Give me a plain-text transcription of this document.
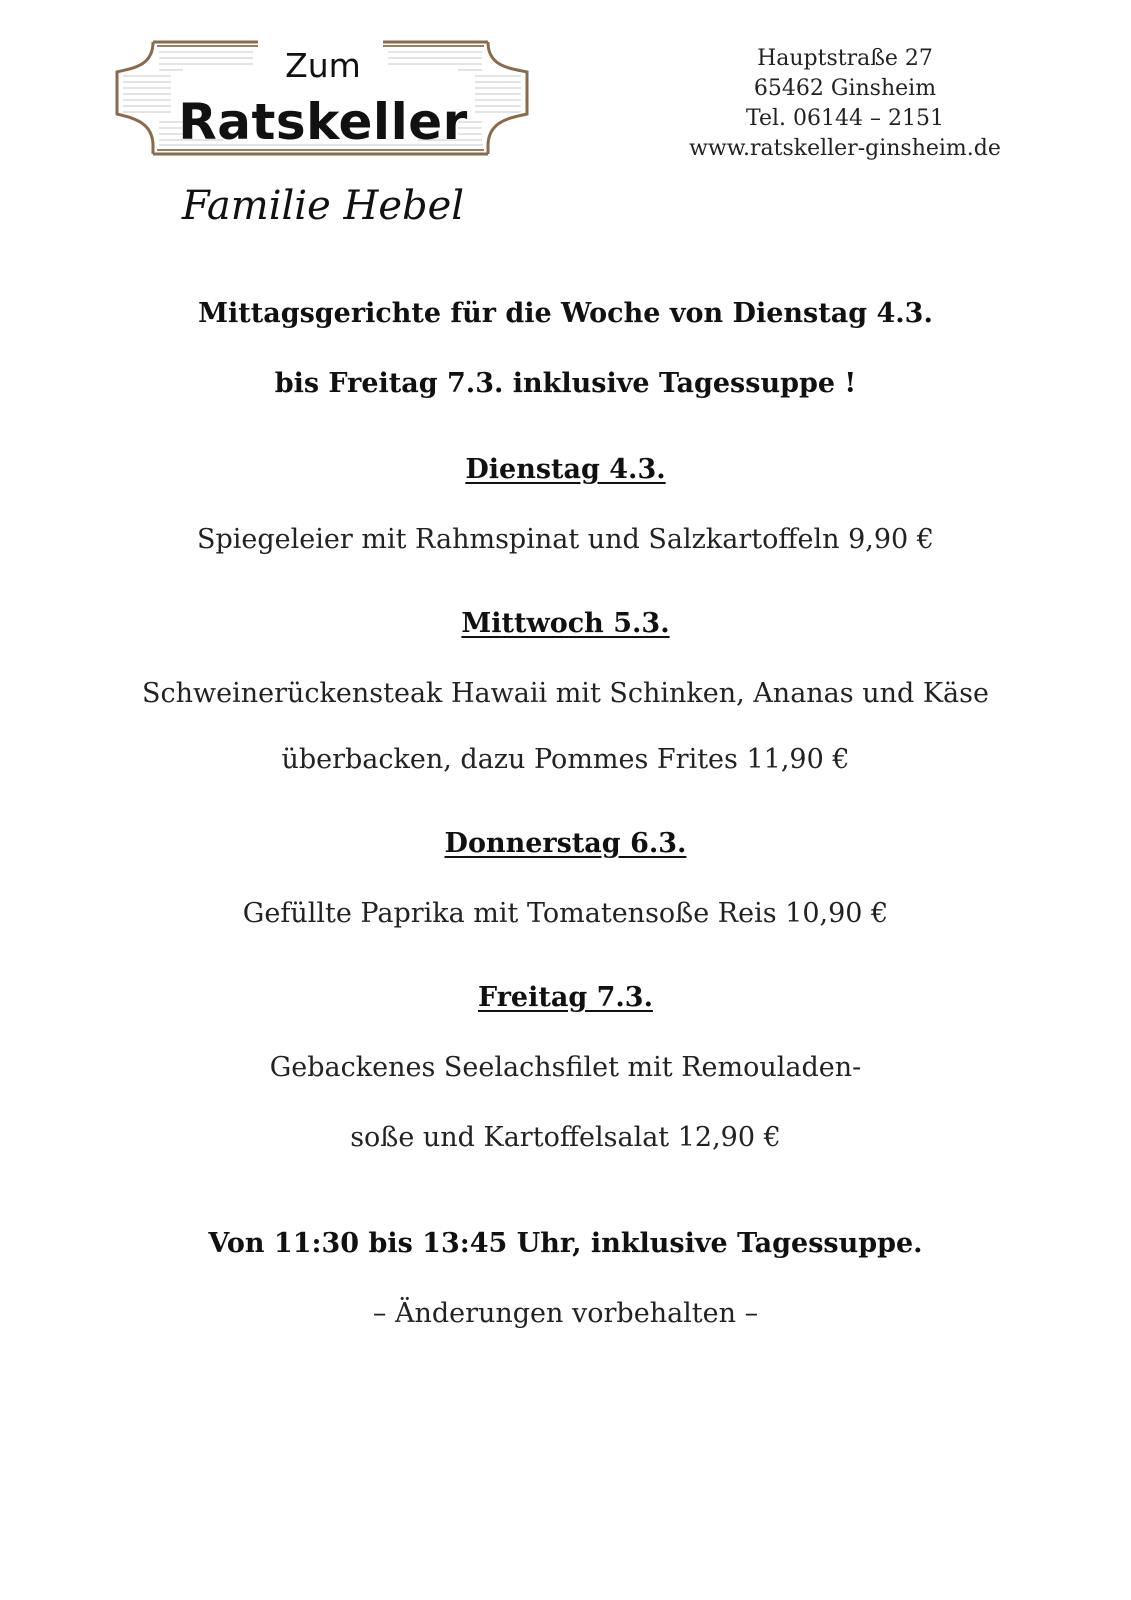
Zum
Ratskeller
Familie Hebel
Hauptstraße 27
65462 Ginsheim
Tel. 06144 – 2151
www.ratskeller-ginsheim.de
Mittagsgerichte für die Woche von Dienstag 4.3.
bis Freitag 7.3. inklusive Tagessuppe !
Dienstag 4.3.
Spiegeleier mit Rahmspinat und Salzkartoffeln 9,90 €
Mittwoch 5.3.
Schweinerückensteak Hawaii mit Schinken, Ananas und Käse
überbacken, dazu Pommes Frites 11,90 €
Donnerstag 6.3.
Gefüllte Paprika mit Tomatensoße Reis 10,90 €
Freitag 7.3.
Gebackenes Seelachsfilet mit Remouladen-
soße und Kartoffelsalat 12,90 €
Von 11:30 bis 13:45 Uhr, inklusive Tagessuppe.
– Änderungen vorbehalten –
